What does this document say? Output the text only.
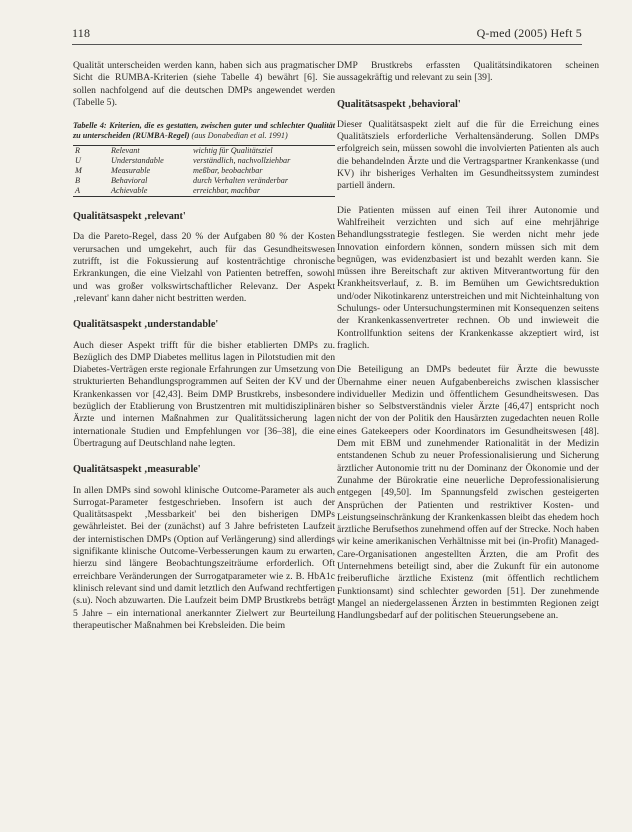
118	Q-med (2005) Heft 5

Qualität unterscheiden werden kann, haben sich aus pragmatischer Sicht die RUMBA-Kriterien (siehe Tabelle 4) bewährt [6]. Sie sollen nachfolgend auf die deutschen DMPs angewendet werden (Tabelle 5).

Tabelle 4: Kriterien, die es gestatten, zwischen guter und schlechter Qualität zu unterscheiden (RUMBA-Regel) (aus Donabedian et al. 1991)
R	Relevant	wichtig für Qualitätsziel
U	Understandable	verständlich, nachvollziehbar
M	Measurable	meßbar, beobachtbar
B	Behavioral	durch Verhalten veränderbar
A	Achievable	erreichbar, machbar
Qualitätsaspekt ‚relevant'

Da die Pareto-Regel, dass 20 % der Aufgaben 80 % der Kosten verursachen und umgekehrt, auch für das Gesundheitswesen zutrifft, ist die Fokussierung auf kostenträchtige chronische Erkrankungen, die eine Vielzahl von Patienten betreffen, sowohl und was großer volkswirtschaftlicher Relevanz. Der Aspekt ‚relevant' kann daher nicht bestritten werden.

Qualitätsaspekt ‚understandable'

Auch dieser Aspekt trifft für die bisher etablierten DMPs zu. Bezüglich des DMP Diabetes mellitus lagen in Pilotstudien mit den Diabetes-Verträgen erste regionale Erfahrungen zur Umsetzung von strukturierten Behandlungsprogrammen auf Seiten der KV und der Krankenkassen vor [42,43]. Beim DMP Brustkrebs, insbesondere bezüglich der Etablierung von Brustzentren mit multidisziplinären Ärzte und internen Maßnahmen zur Qualitätssicherung lagen internationale Studien und Empfehlungen vor [36–38], die eine Übertragung auf Deutschland nahe legten.

Qualitätsaspekt ‚measurable'

In allen DMPs sind sowohl klinische Outcome-Parameter als auch Surrogat-Parameter festgeschrieben. Insofern ist auch der Qualitätsaspekt ‚Messbarkeit' bei den bisherigen DMPs gewährleistet. Bei der (zunächst) auf 3 Jahre befristeten Laufzeit der internistischen DMPs (Option auf Verlängerung) sind allerdings signifikante klinische Outcome-Verbesserungen kaum zu erwarten, hierzu sind längere Beobachtungszeiträume erforderlich. Oft erreichbare Veränderungen der Surrogatparameter wie z. B. HbA1c klinisch relevant sind und damit letztlich den Aufwand rechtfertigen (s.u). Noch abzuwarten. Die Laufzeit beim DMP Brustkrebs beträgt 5 Jahre – ein international anerkannter Zielwert zur Beurteilung therapeutischer Maßnahmen bei Krebsleiden. Die beim

DMP Brustkrebs erfassten Qualitätsindikatoren scheinen aussagekräftig und relevant zu sein [39].

Qualitätsaspekt ‚behavioral'

Dieser Qualitätsaspekt zielt auf die für die Erreichung eines Qualitätsziels erforderliche Verhaltensänderung. Sollen DMPs erfolgreich sein, müssen sowohl die involvierten Patienten als auch die behandelnden Ärzte und die Vertragspartner Krankenkasse (und KV) ihr bisheriges Verhalten im Gesundheitssystem zumindest partiell ändern.

Die Patienten müssen auf einen Teil ihrer Autonomie und Wahlfreiheit verzichten und sich auf eine mehrjährige Behandlungsstrategie festlegen. Sie werden nicht mehr jede Innovation einfordern können, sondern müssen sich mit dem begnügen, was evidenzbasiert ist und bezahlt werden kann. Sie müssen ihre Bereitschaft zur aktiven Mitverantwortung für den Krankheitsverlauf, z. B. im Bemühen um Gewichtsreduktion und/oder Nikotinkarenz unterstreichen und mit Nichteinhaltung von Schulungs- oder Untersuchungsterminen mit Konsequenzen seitens der Krankenkassenvertreter rechnen. Ob und inwieweit die Kontrollfunktion seitens der Krankenkasse akzeptiert wird, ist fraglich.

Die Beteiligung an DMPs bedeutet für Ärzte die bewusste Übernahme einer neuen Aufgabenbereichs zwischen klassischer individueller Medizin und öffentlichem Gesundheitswesen. Das bisher so Selbstverständnis vieler Ärzte [46,47] entspricht noch nicht der von der Politik den Hausärzten zugedachten neuen Rolle eines Gatekeepers oder Koordinators im Gesundheitswesen [48]. Dem mit EBM und zunehmender Rationalität in der Medizin entstandenen Schub zu neuer Professionalisierung und Sicherung ärztlicher Autonomie tritt nu der Dominanz der Ökonomie und der Zunahme der Bürokratie eine neuerliche Deprofessionalisierung entgegen [49,50]. Im Spannungsfeld zwischen gesteigerten Ansprüchen der Patienten und restriktiver Kosten- und Leistungseinschränkung der Krankenkassen bleibt das ehedem hoch ärztliche Berufsethos zunehmend offen auf der Strecke. Noch haben wir keine amerikanischen Verhältnisse mit bei (in-Profit) Managed-Care-Organisationen angestellten Ärzten, die am Profit des Unternehmens beteiligt sind, aber die Zukunft für ein autonome freiberufliche ärztliche Existenz (mit öffentlich rechtlichem Funktionsamt) sind schlechter geworden [51]. Der zunehmende Mangel an niedergelassenen Ärzten in bestimmten Regionen zeigt Handlungsbedarf auf der politischen Steuerungsebene an.
